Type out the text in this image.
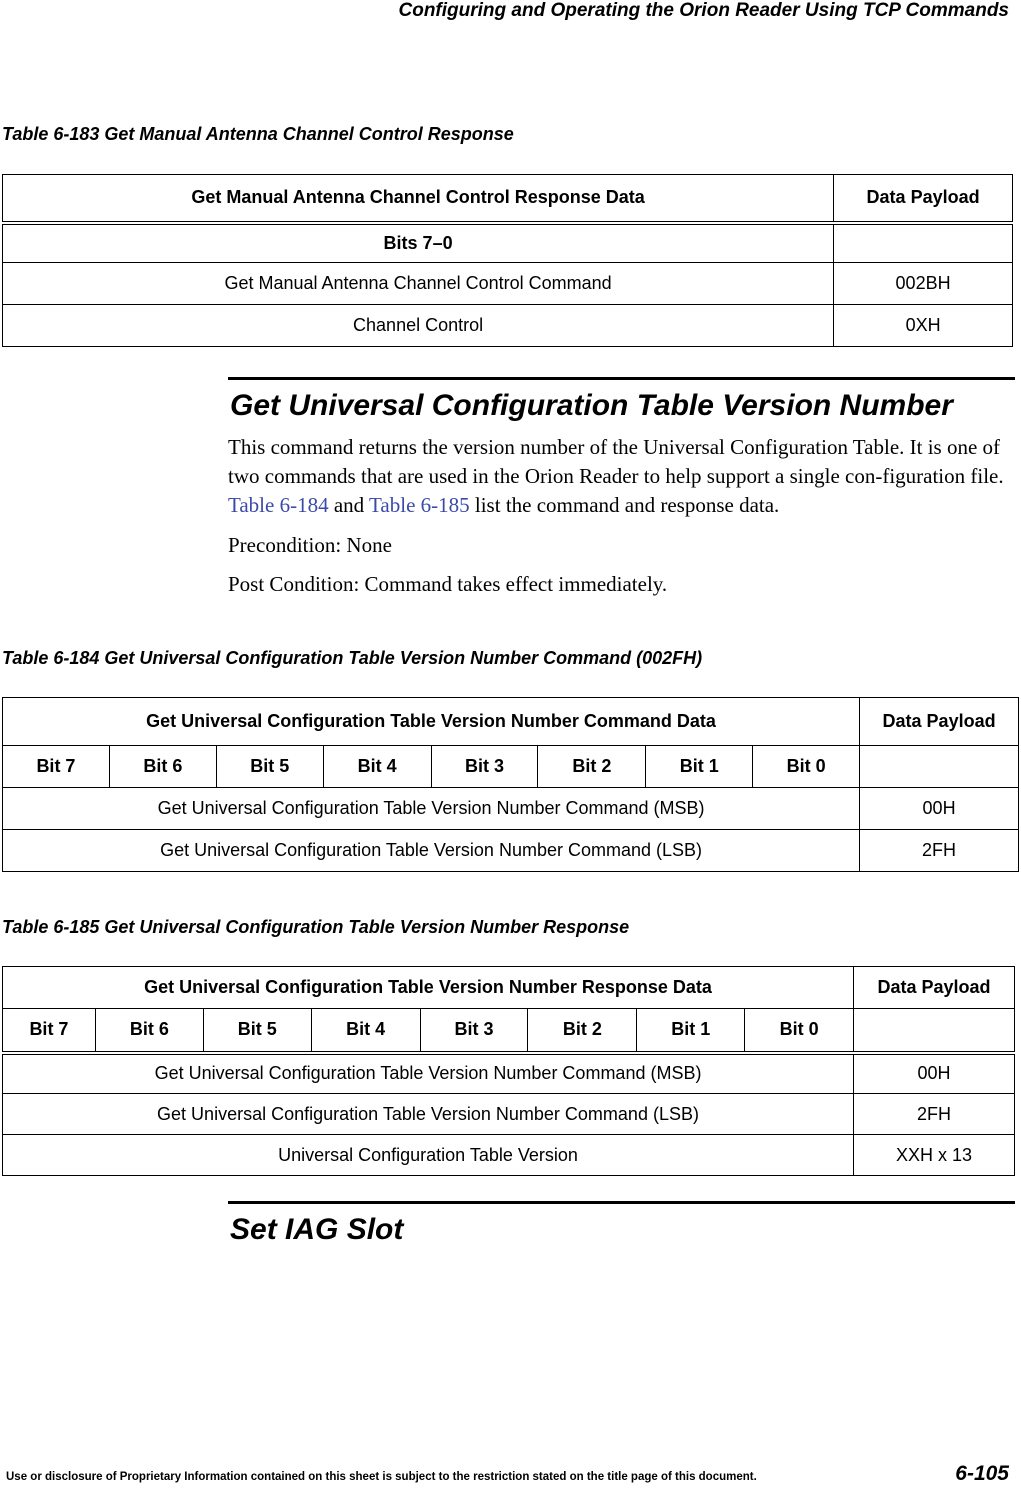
Configuring and Operating the Orion Reader Using TCP Commands
Table 6-183 Get Manual Antenna Channel Control Response
Get Manual Antenna Channel Control Response Data	Data Payload
Bits 7–0	
Get Manual Antenna Channel Control Command	002BH
Channel Control	0XH
Get Universal Configuration Table Version Number

This command returns the version number of the Universal Configuration Table. It is one of two commands that are used in the Orion Reader to help support a single con-figuration file. Table 6-184 and Table 6-185 list the command and response data.

Precondition: None

Post Condition: Command takes effect immediately.

Table 6-184 Get Universal Configuration Table Version Number Command (002FH)
Get Universal Configuration Table Version Number Command Data								Data Payload
Bit 7	Bit 6	Bit 5	Bit 4	Bit 3	Bit 2	Bit 1	Bit 0	
Get Universal Configuration Table Version Number Command (MSB)								00H
Get Universal Configuration Table Version Number Command (LSB)								2FH
Table 6-185 Get Universal Configuration Table Version Number Response
Get Universal Configuration Table Version Number Response Data								Data Payload
Bit 7	Bit 6	Bit 5	Bit 4	Bit 3	Bit 2	Bit 1	Bit 0	
Get Universal Configuration Table Version Number Command (MSB)								00H
Get Universal Configuration Table Version Number Command (LSB)								2FH
Universal Configuration Table Version								XXH x 13
Set IAG Slot
Use or disclosure of Proprietary Information contained on this sheet is subject to the restriction stated on the title page of this document.	6-105
